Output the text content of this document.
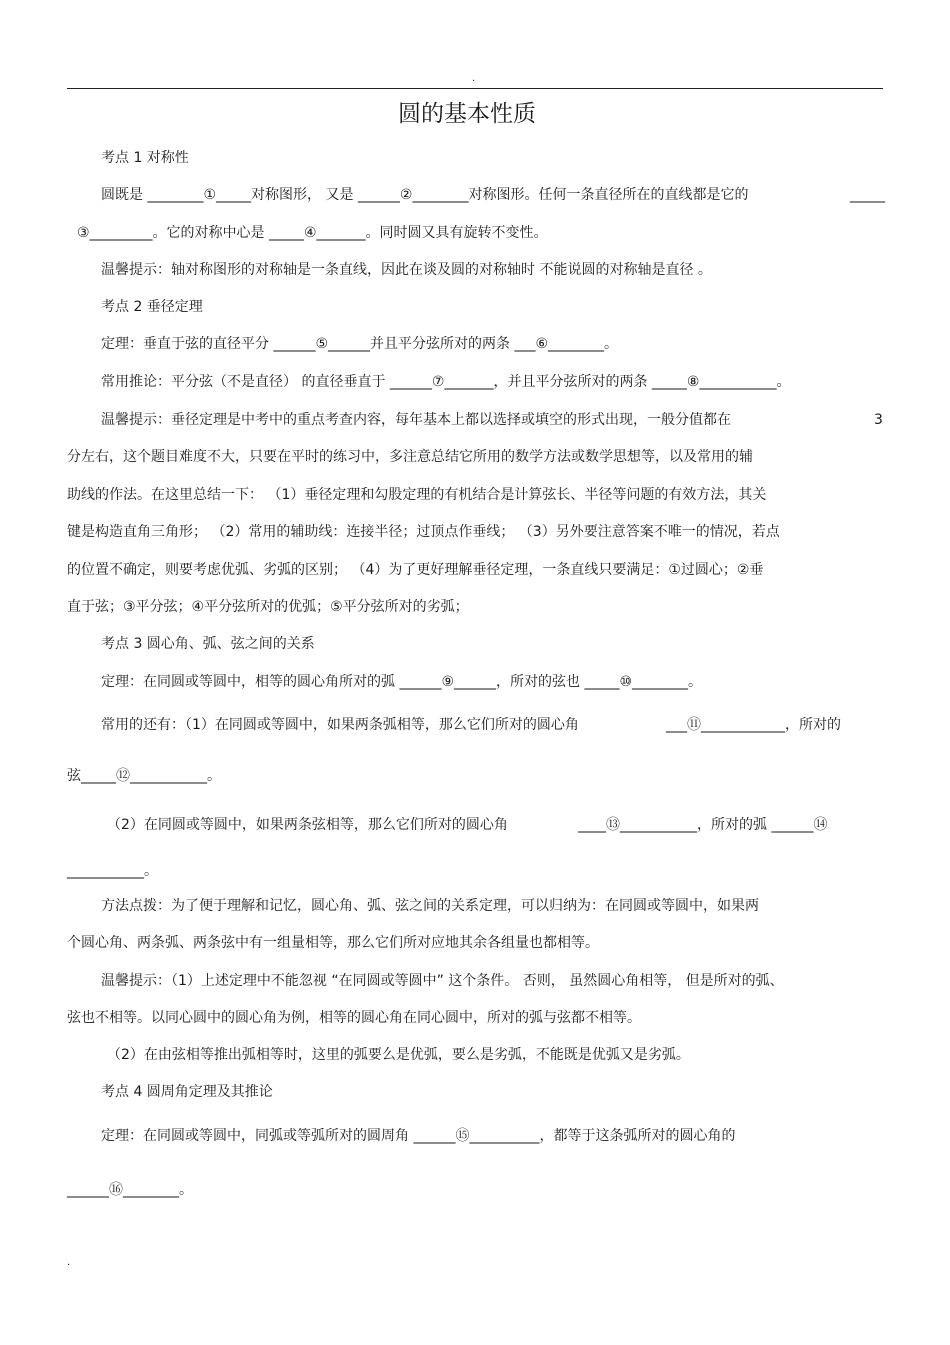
.
圆的基本性质
考点 1 对称性
圆既是 ________①_____对称图形， 又是 ______②________对称图形。任何一条直径所在的直线都是它的	_____
③_________。它的对称中心是 _____④_______。同时圆又具有旋转不变性。
温馨提示：轴对称图形的对称轴是一条直线，因此在谈及圆的对称轴时 不能说圆的对称轴是直径 。
考点 2 垂径定理
定理：垂直于弦的直径平分 ______⑤______并且平分弦所对的两条 ___⑥________。
常用推论：平分弦（不是直径） 的直径垂直于 ______⑦_______，并且平分弦所对的两条 _____⑧___________。
温馨提示：垂径定理是中考中的重点考查内容，每年基本上都以选择或填空的形式出现，一般分值都在	3
分左右，这个题目难度不大，只要在平时的练习中，多注意总结它所用的数学方法或数学思想等，以及常用的辅
助线的作法。在这里总结一下： （1）垂径定理和勾股定理的有机结合是计算弦长、半径等问题的有效方法，其关
键是构造直角三角形； （2）常用的辅助线：连接半径；过顶点作垂线； （3）另外要注意答案不唯一的情况，若点
的位置不确定，则要考虑优弧、劣弧的区别； （4）为了更好理解垂径定理，一条直线只要满足：①过圆心；②垂
直于弦；③平分弦；④平分弦所对的优弧；⑤平分弦所对的劣弧；
考点 3 圆心角、弧、弦之间的关系
定理：在同圆或等圆中，相等的圆心角所对的弧 ______⑨______，所对的弦也 _____⑩________。
常用的还有：（1）在同圆或等圆中，如果两条弧相等，那么它们所对的圆心角	___⑪____________，所对的
弦_____⑫___________。
（2）在同圆或等圆中，如果两条弦相等，那么它们所对的圆心角	____⑬___________，所对的弧 ______⑭
___________。
方法点拨：为了便于理解和记忆，圆心角、弧、弦之间的关系定理，可以归纳为：在同圆或等圆中，如果两
个圆心角、两条弧、两条弦中有一组量相等，那么它们所对应地其余各组量也都相等。
温馨提示：（1）上述定理中不能忽视 “在同圆或等圆中” 这个条件。 否则， 虽然圆心角相等， 但是所对的弧、
弦也不相等。以同心圆中的圆心角为例，相等的圆心角在同心圆中，所对的弧与弦都不相等。
（2）在由弦相等推出弧相等时，这里的弧要么是优弧，要么是劣弧，不能既是优弧又是劣弧。
考点 4 圆周角定理及其推论
定理：在同圆或等圆中，同弧或等弧所对的圆周角 ______⑮__________，都等于这条弧所对的圆心角的
______⑯________。
.
